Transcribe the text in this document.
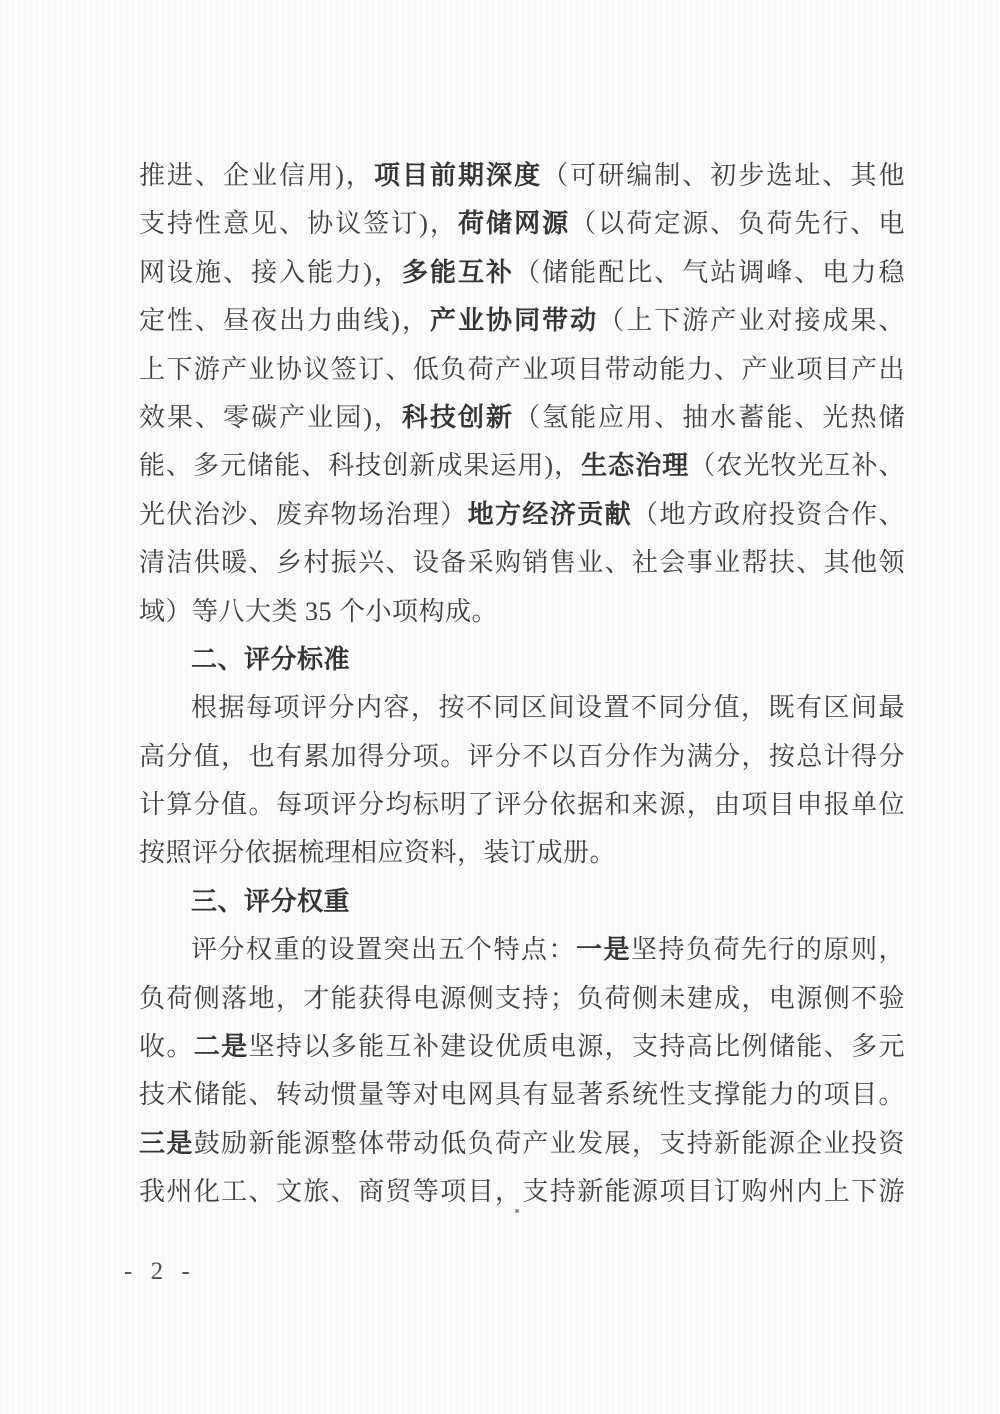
推进、企业信用)，项目前期深度（可研编制、初步选址、其他
支持性意见、协议签订)，荷储网源（以荷定源、负荷先行、电
网设施、接入能力)，多能互补（储能配比、气站调峰、电力稳
定性、昼夜出力曲线)，产业协同带动（上下游产业对接成果、
上下游产业协议签订、低负荷产业项目带动能力、产业项目产出
效果、零碳产业园)，科技创新（氢能应用、抽水蓄能、光热储
能、多元储能、科技创新成果运用)，生态治理（农光牧光互补、
光伏治沙、废弃物场治理）地方经济贡献（地方政府投资合作、
清洁供暖、乡村振兴、设备采购销售业、社会事业帮扶、其他领
域）等八大类 35 个小项构成。
二、评分标准
根据每项评分内容，按不同区间设置不同分值，既有区间最
高分值，也有累加得分项。评分不以百分作为满分，按总计得分
计算分值。每项评分均标明了评分依据和来源，由项目申报单位
按照评分依据梳理相应资料，装订成册。
三、评分权重
评分权重的设置突出五个特点：一是坚持负荷先行的原则，
负荷侧落地，才能获得电源侧支持；负荷侧未建成，电源侧不验
收。二是坚持以多能互补建设优质电源，支持高比例储能、多元
技术储能、转动惯量等对电网具有显著系统性支撑能力的项目。
三是鼓励新能源整体带动低负荷产业发展，支持新能源企业投资
我州化工、文旅、商贸等项目，支持新能源项目订购州内上下游
- 2 -
